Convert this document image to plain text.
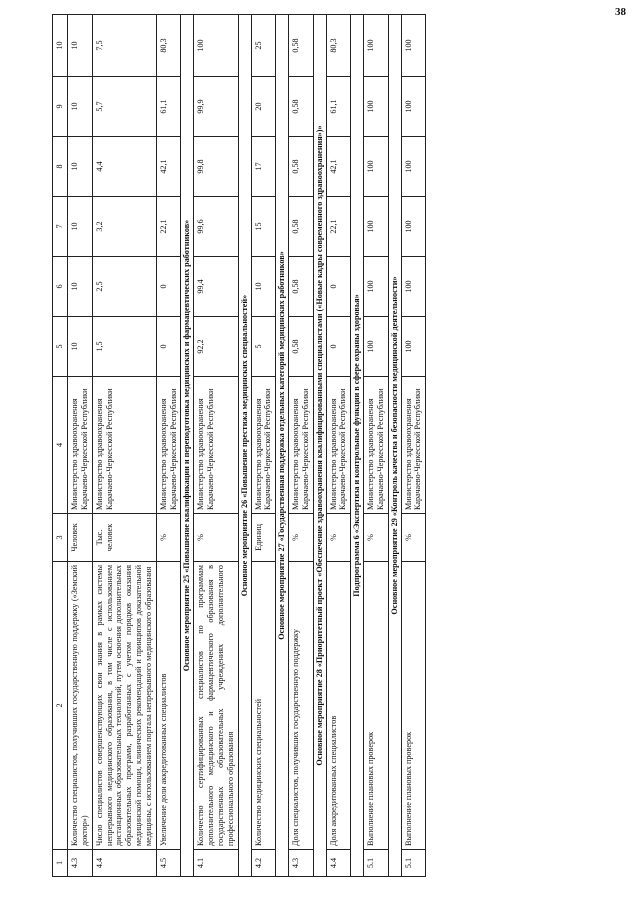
38
1	2	3	4	5	6	7	8	9	10
4.3	Количество специалистов, получивших государственную поддержку («Земский доктор»)	Человек	Министерство здравоохранения Карачаево-Черкесской Республики	10	10	10	10	10	10
4.4	Число специалистов совершенствующих свои знания в рамках системы непрерывного медицинского образования, в том числе с использованием дистанционных образовательных технологий, путем освоения дополнительных образовательных программ, разработанных с учетом порядков оказания медицинской помощи, клинических рекомендаций и принципов доказательной медицины, с использованием портала непрерывного медицинского образования	Тыс. человек	Министерство здравоохранения Карачаево-Черкесской Республики	1,5	2,5	3,2	4,4	5,7	7,5
4.5	Увеличение доли аккредитованных специалистов	%	Министерство здравоохранения Карачаево-Черкесской Республики	0	0	22,1	42,1	61,1	80,3
Основное мероприятие 25 «Повышение квалификации и переподготовка медицинских и фармацевтических работников»									
4.1	Количество сертифицированных специалистов по программам дополнительного медицинского и фармацевтического образования в государственных образовательных учреждениях дополнительного профессионального образования	%	Министерство здравоохранения Карачаево-Черкесской Республики	92,2	99,4	99,6	99,8	99,9	100
Основное мероприятие 26 «Повышение престижа медицинских специальностей»									
4.2	Количество медицинских специальностей	Единиц	Министерство здравоохранения Карачаево-Черкесской Республики	5	10	15	17	20	25
Основное мероприятие 27 «Государственная поддержка отдельных категорий медицинских работников»									
4.3	Доля специалистов, получивших государственную поддержку	%	Министерство здравоохранения Карачаево-Черкесской Республики	0,58	0,58	0,58	0,58	0,58	0,58
Основное мероприятие 28 «Приоритетный проект «Обеспечение здравоохранения квалифицированными специалистами («Новые кадры современного здравоохранения»)»									
4.4	Доля аккредитованных специалистов	%	Министерство здравоохранения Карачаево-Черкесской Республики	0	0	22,1	42,1	61,1	80,3
Подпрограмма 6 «Экспертиза и контрольные функции в сфере охраны здоровья»									
5.1	Выполнение плановых проверок	%	Министерство здравоохранения Карачаево-Черкесской Республики	100	100	100	100	100	100
Основное мероприятие 29 «Контроль качества и безопасности медицинской деятельности»									
5.1	Выполнение плановых проверок	%	Министерство здравоохранения Карачаево-Черкесской Республики	100	100	100	100	100	100
